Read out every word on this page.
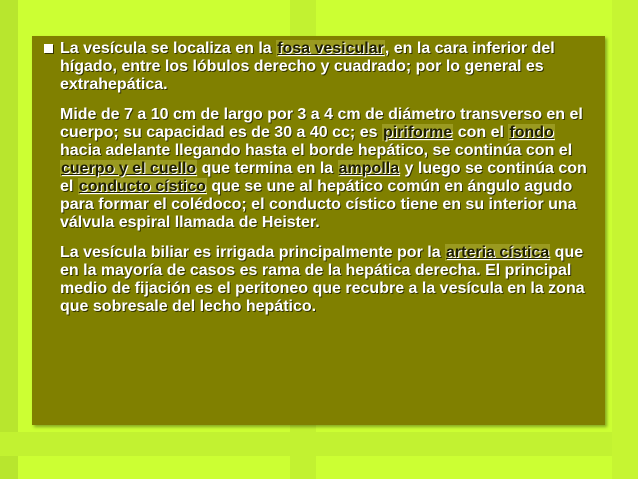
La vesícula se localiza en la fosa vesicular, en la cara inferior del hígado, entre los lóbulos derecho y cuadrado; por lo general es extrahepática.

Mide de 7 a 10 cm de largo por 3 a 4 cm de diámetro transverso en el cuerpo; su capacidad es de 30 a 40 cc; es piriforme con el fondo hacia adelante llegando hasta el borde hepático, se continúa con el cuerpo y el cuello que termina en la ampolla y luego se continúa con el conducto cístico que se une al hepático común en ángulo agudo para formar el colédoco; el conducto cístico tiene en su interior una válvula espiral llamada de Heister.

La vesícula biliar es irrigada principalmente por la arteria cística que en la mayoría de casos es rama de la hepática derecha. El principal medio de fijación es el peritoneo que recubre a la vesícula en la zona que sobresale del lecho hepático.
